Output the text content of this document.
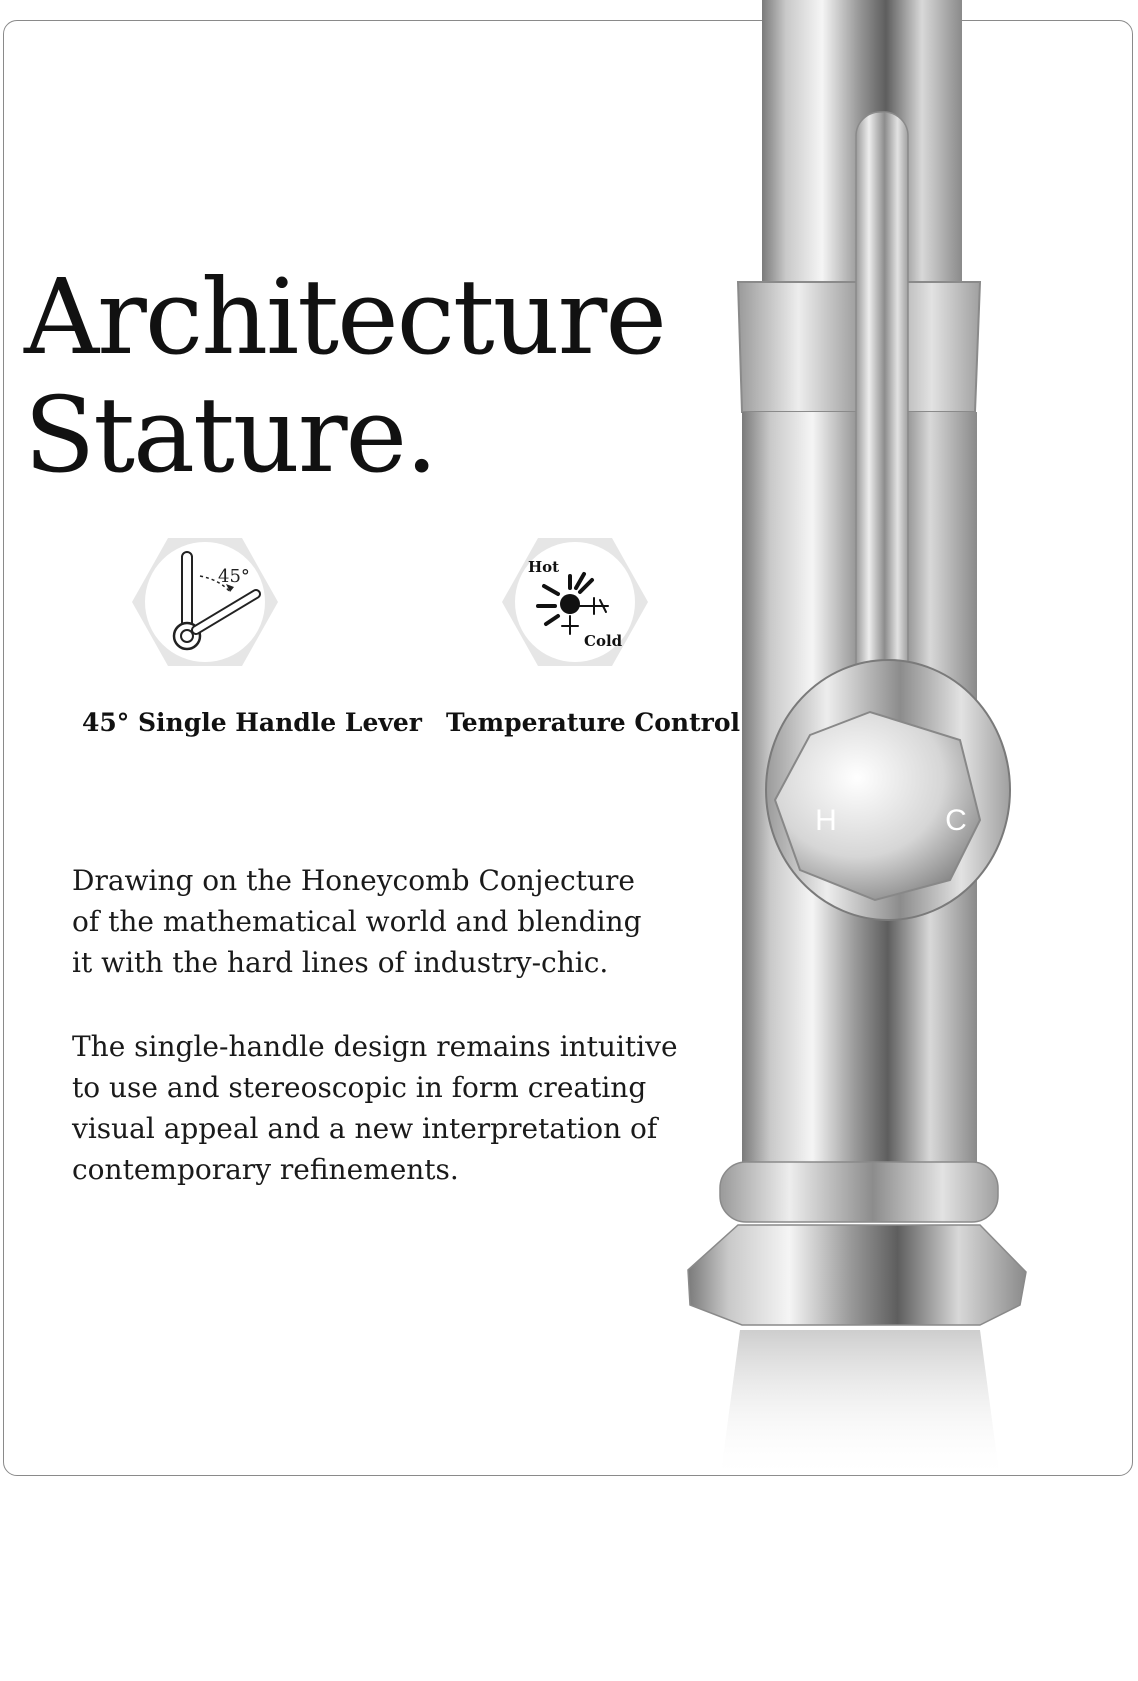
H	C
Architecture
Stature.
45°	Hot
Cold
45° Single Handle Lever Temperature Control

Drawing on the Honeycomb Conjecture
of the mathematical world and blending
it with the hard lines of industry-chic.

The single-handle design remains intuitive
to use and stereoscopic in form creating
visual appeal and a new interpretation of
contemporary refinements.
